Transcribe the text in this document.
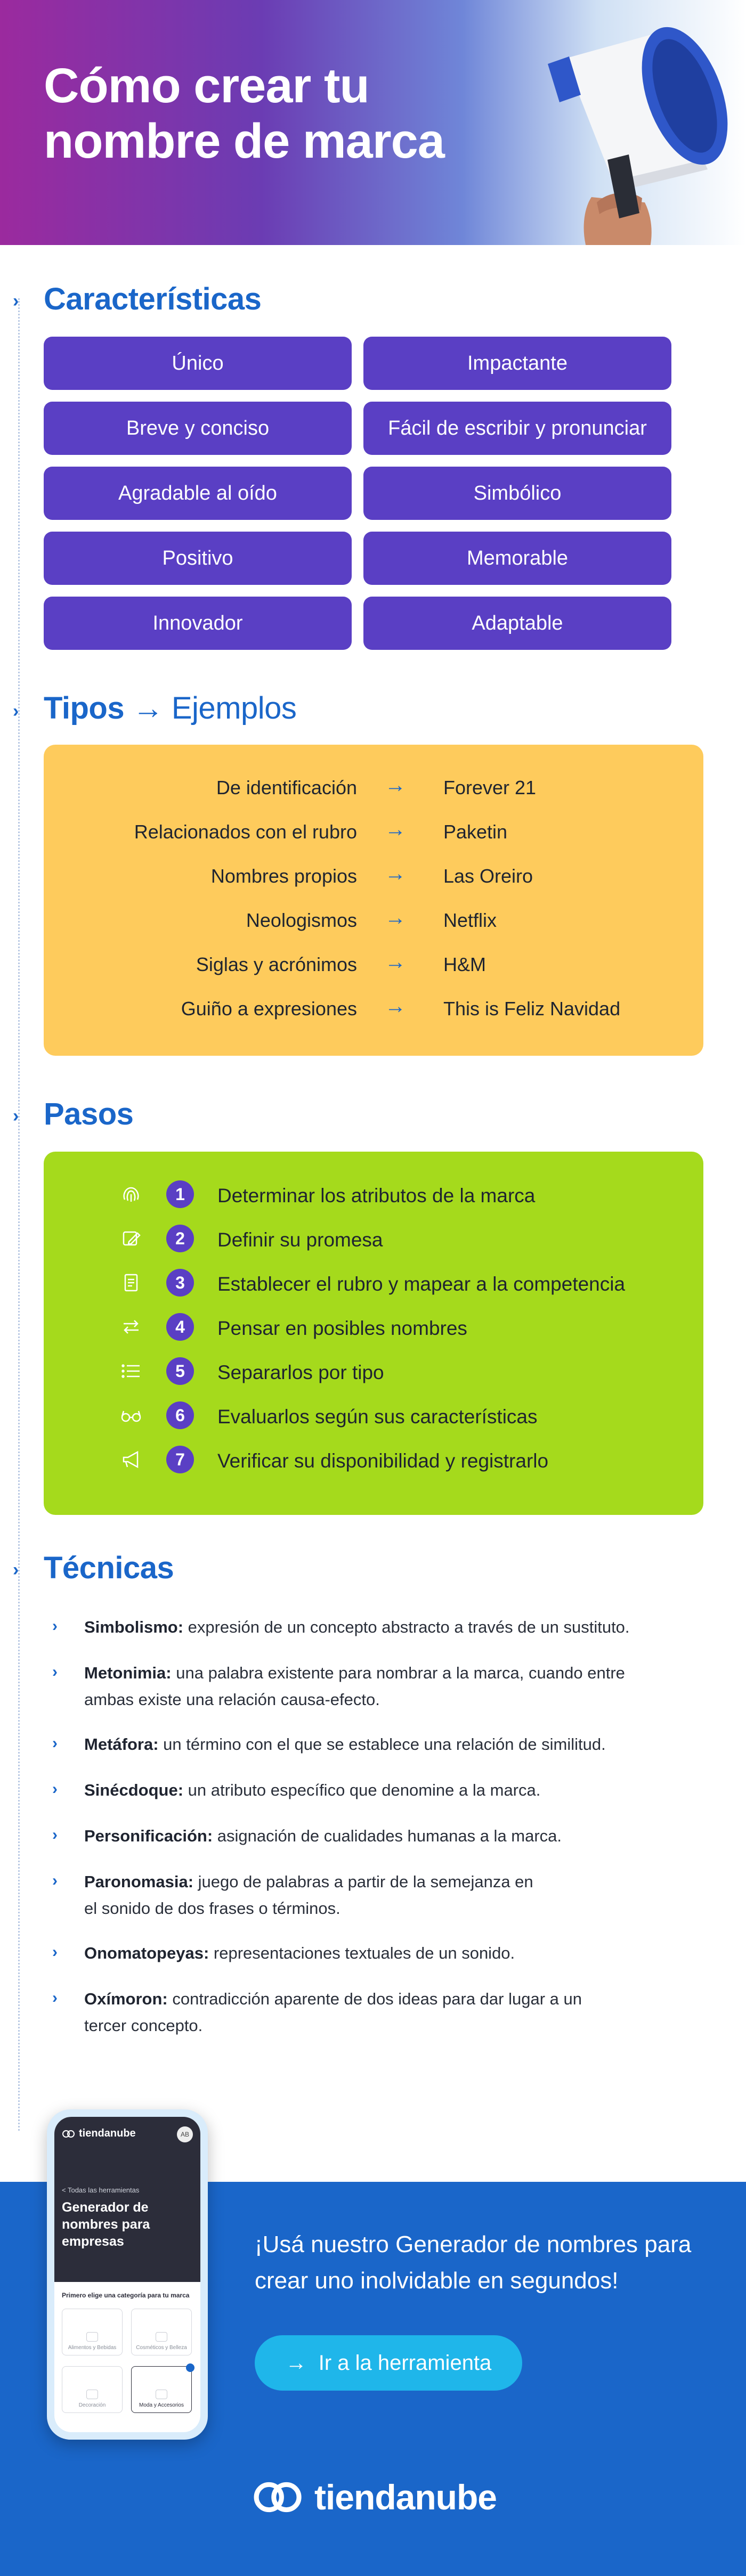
Cómo crear tu nombre de marca
› Características
Único	Impactante
Breve y conciso	Fácil de escribir y pronunciar
Agradable al oído	Simbólico
Positivo	Memorable
Innovador	Adaptable
› Tipos → Ejemplos
De identificación → Forever 21
Relacionados con el rubro → Paketin
Nombres propios → Las Oreiro
Neologismos → Netflix
Siglas y acrónimos → H&M
Guiño a expresiones → This is Feliz Navidad
› Pasos
1	Determinar los atributos de la marca
2	Definir su promesa
3	Establecer el rubro y mapear a la competencia
4	Pensar en posibles nombres
5	Separarlos por tipo
6	Evaluarlos según sus características
7	Verificar su disponibilidad y registrarlo
› Técnicas
› Simbolismo: expresión de un concepto abstracto a través de un sustituto.
› Metonimia: una palabra existente para nombrar a la marca, cuando entre ambas existe una relación causa-efecto.
› Metáfora: un término con el que se establece una relación de similitud.
› Sinécdoque: un atributo específico que denomine a la marca.
› Personificación: asignación de cualidades humanas a la marca.
› Paronomasia: juego de palabras a partir de la semejanza en el sonido de dos frases o términos.
› Onomatopeyas: representaciones textuales de un sonido.
› Oxímoron: contradicción aparente de dos ideas para dar lugar a un tercer concepto.
tiendanube	AB
< Todas las herramientas
Generador de nombres para empresas
Primero elige una categoría para tu marca
Alimentos y Bebidas	Cosméticos y Belleza
Decoración	Moda y Accesorios
¡Usá nuestro Generador de nombres para crear uno inolvidable en segundos!
→ Ir a la herramienta
tiendanube
